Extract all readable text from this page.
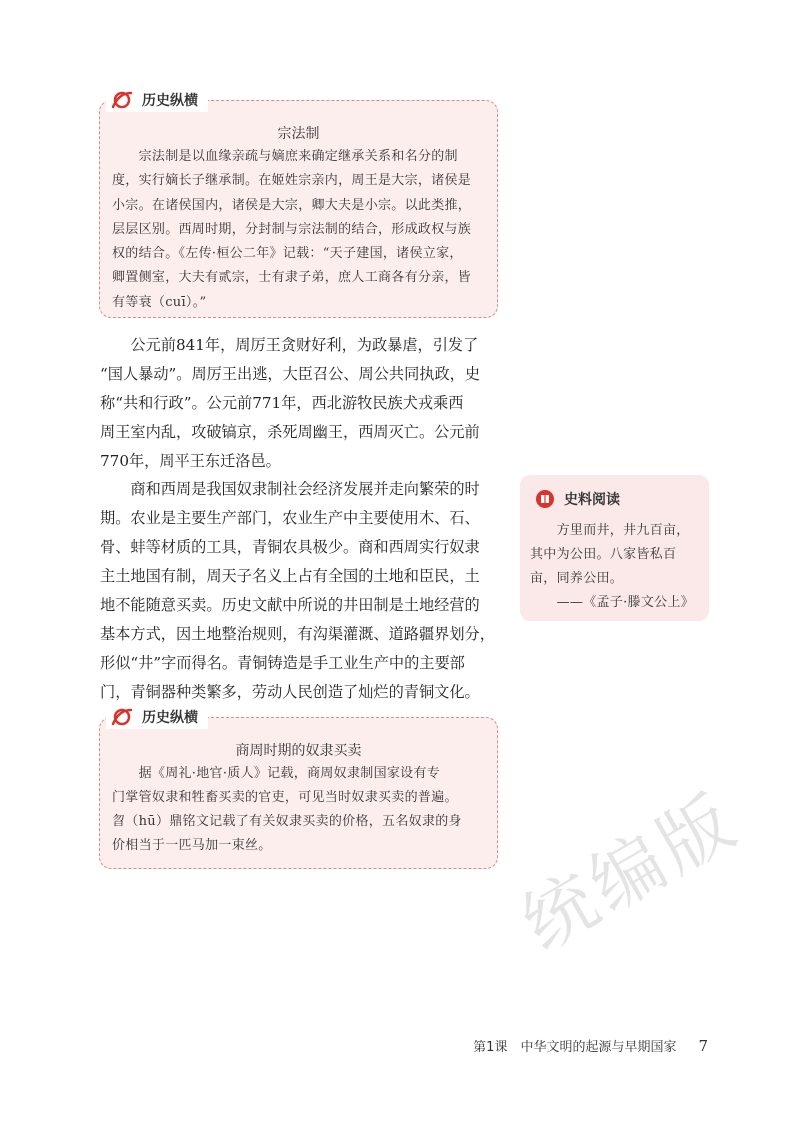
历史纵横
宗法制
　　宗法制是以血缘亲疏与嫡庶来确定继承关系和名分的制
度，实行嫡长子继承制。在姬姓宗亲内，周王是大宗，诸侯是
小宗。在诸侯国内，诸侯是大宗，卿大夫是小宗。以此类推，
层层区别。西周时期，分封制与宗法制的结合，形成政权与族
权的结合。《左传·桓公二年》记载：“天子建国，诸侯立家，
卿置侧室，大夫有贰宗，士有隶子弟，庶人工商各有分亲，皆
有等衰（cuī）。”
　　公元前841年，周厉王贪财好利，为政暴虐，引发了
“国人暴动”。周厉王出逃，大臣召公、周公共同执政，史
称“共和行政”。公元前771年，西北游牧民族犬戎乘西
周王室内乱，攻破镐京，杀死周幽王，西周灭亡。公元前
770年，周平王东迁洛邑。
　　商和西周是我国奴隶制社会经济发展并走向繁荣的时
期。农业是主要生产部门，农业生产中主要使用木、石、
骨、蚌等材质的工具，青铜农具极少。商和西周实行奴隶
主土地国有制，周天子名义上占有全国的土地和臣民，土
地不能随意买卖。历史文献中所说的井田制是土地经营的
基本方式，因土地整治规则，有沟渠灌溉、道路疆界划分，
形似“井”字而得名。青铜铸造是手工业生产中的主要部
门，青铜器种类繁多，劳动人民创造了灿烂的青铜文化。
史料阅读
　　方里而井，井九百亩，
其中为公田。八家皆私百
亩，同养公田。
　　——《孟子·滕文公上》
历史纵横
商周时期的奴隶买卖
　　据《周礼·地官·质人》记载，商周奴隶制国家设有专
门掌管奴隶和牲畜买卖的官吏，可见当时奴隶买卖的普遍。
曶（hū）鼎铭文记载了有关奴隶买卖的价格，五名奴隶的身
价相当于一匹马加一束丝。	统编版
第1课　中华文明的起源与早期国家 7
